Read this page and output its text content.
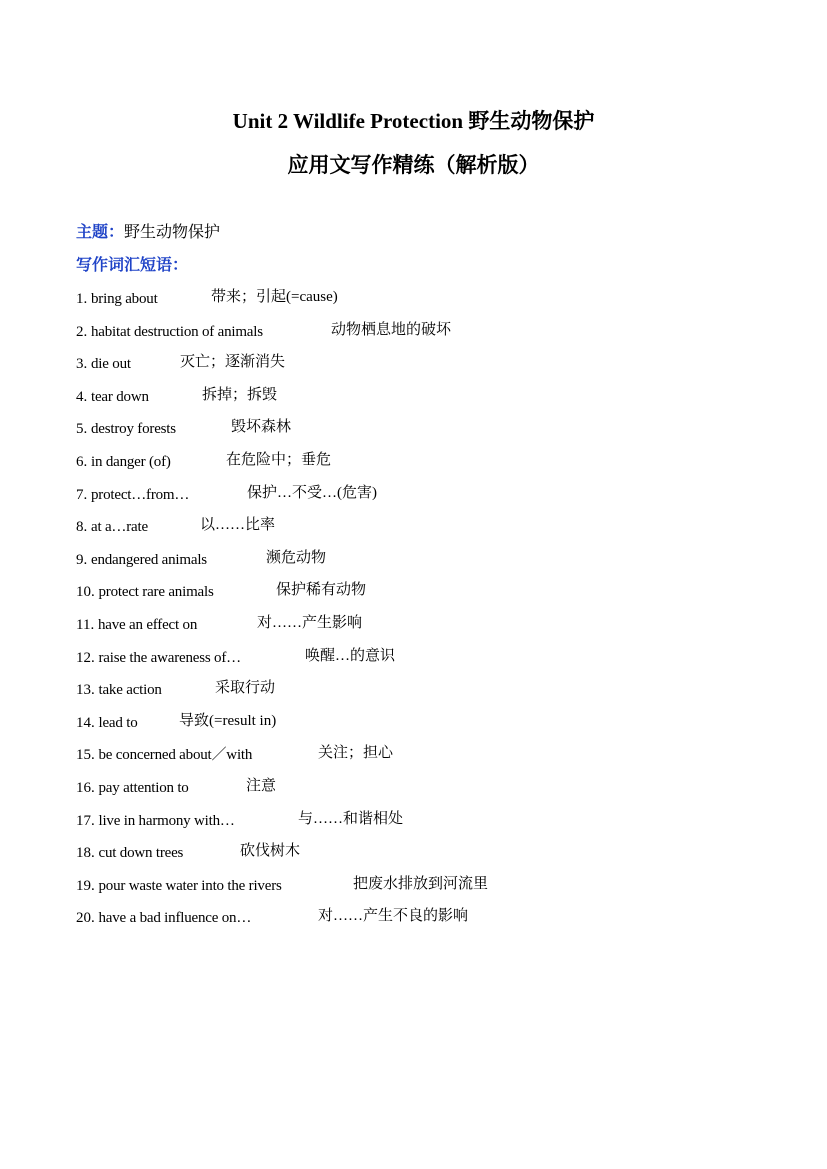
Unit 2 Wildlife Protection 野生动物保护
应用文写作精练（解析版）
主题：野生动物保护
写作词汇短语：
1. bring about	带来；引起(=cause)
2. habitat destruction of animals	动物栖息地的破坏
3. die out	灭亡；逐渐消失
4. tear down	拆掉；拆毁
5. destroy forests	毁坏森林
6. in danger (of)	在危险中；垂危
7. protect…from…	保护…不受…(危害)
8. at a…rate	以……比率
9. endangered animals	濒危动物
10. protect rare animals	保护稀有动物
11. have an effect on	对……产生影响
12. raise the awareness of…	唤醒…的意识
13. take action	采取行动
14. lead to	导致(=result in)
15. be concerned about／with	关注；担心
16. pay attention to	注意
17. live in harmony with…	与……和谐相处
18. cut down trees	砍伐树木
19. pour waste water into the rivers	把废水排放到河流里
20. have a bad influence on…	对……产生不良的影响
